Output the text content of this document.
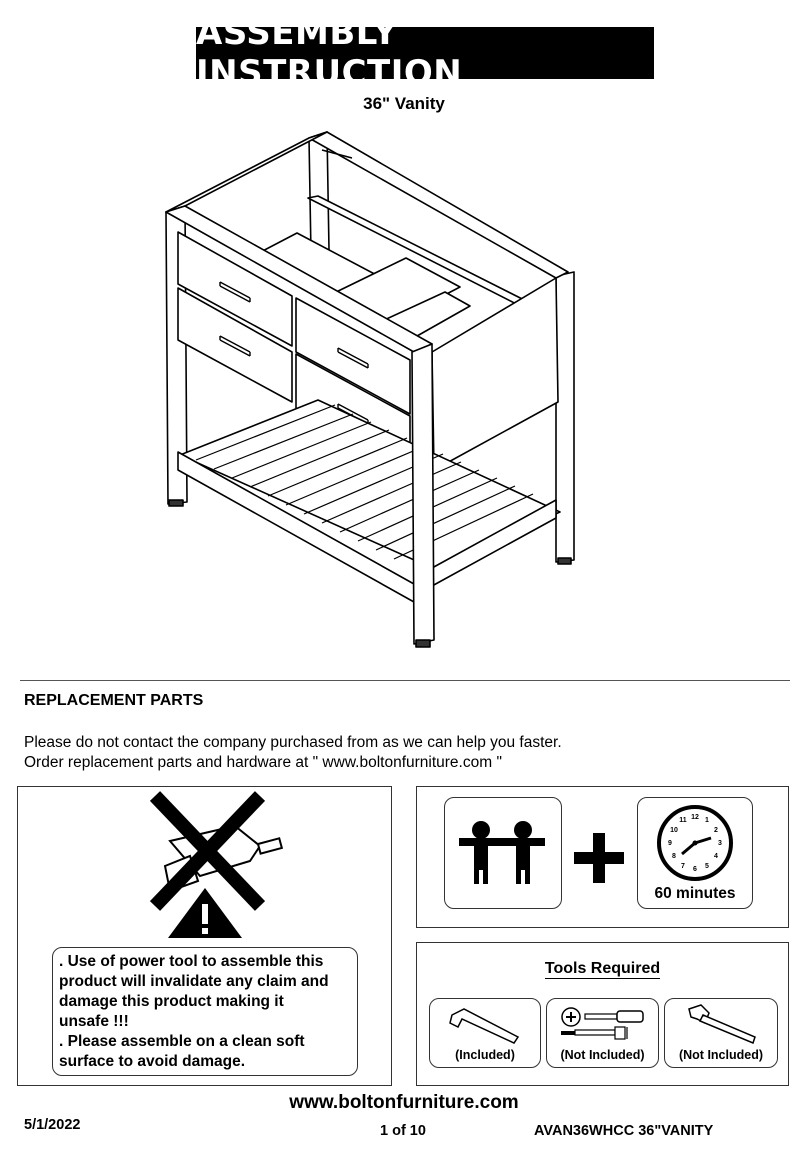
ASSEMBLY INSTRUCTION
36" Vanity
REPLACEMENT PARTS
Please do not contact the company purchased from as we can help you faster.
Order replacement parts and hardware at " www.boltonfurniture.com "
. Use of power tool to assemble this
product will invalidate any claim and
damage this product making it
unsafe !!!
. Please assemble on a clean soft
surface to avoid damage.
12 1
2
3
4
5
6
7
8
9
10
11
60 minutes
Tools Required
(Included)	(Not Included)	(Not Included)
www.boltonfurniture.com
5/1/2022	1 of 10	AVAN36WHCC 36"VANITY
